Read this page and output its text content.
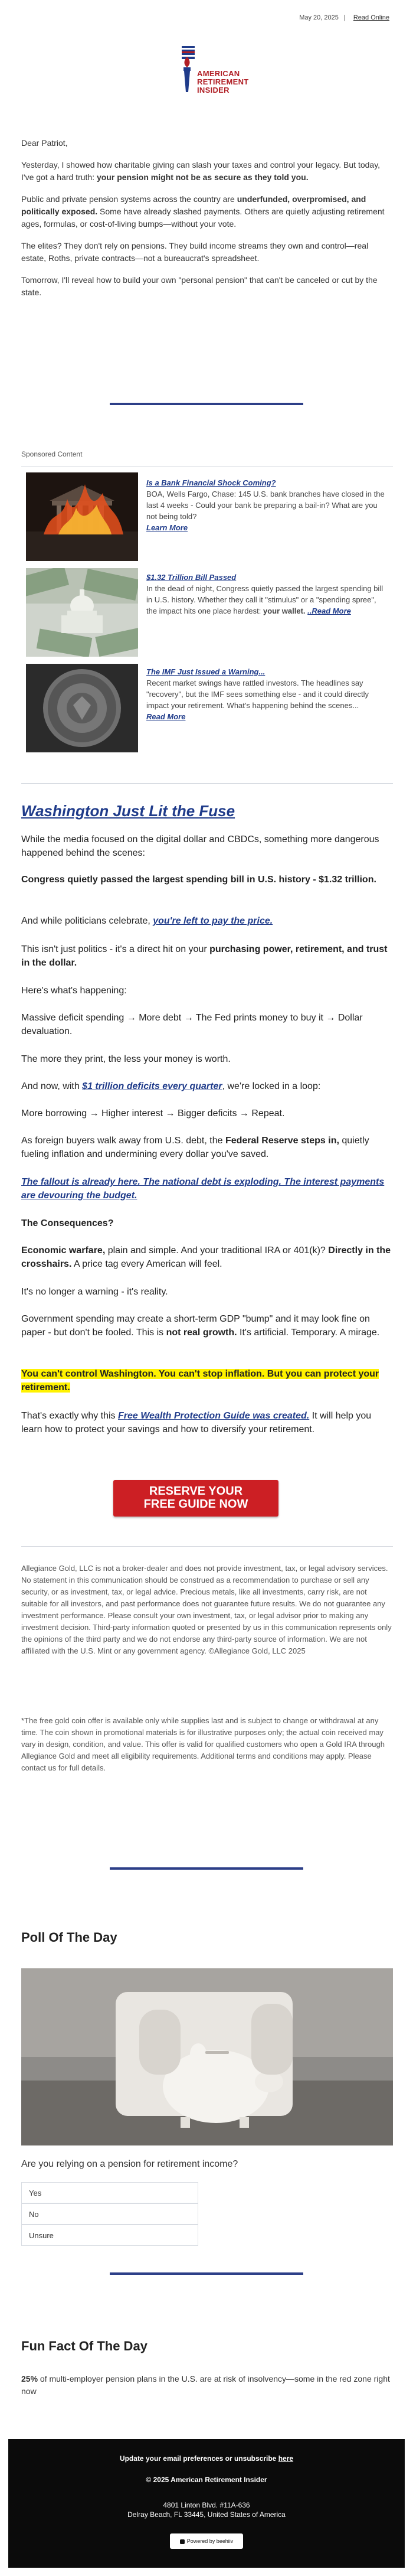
May 20, 2025 | Read Online
AMERICAN
RETIREMENT INSIDER

Dear Patriot,

Yesterday, I showed how charitable giving can slash your taxes and control your legacy. But today, I've got a hard truth: your pension might not be as secure as they told you.

Public and private pension systems across the country are underfunded, overpromised, and politically exposed. Some have already slashed payments. Others are quietly adjusting retirement ages, formulas, or cost-of-living bumps—without your vote.

The elites? They don't rely on pensions. They build income streams they own and control—real estate, Roths, private contracts—not a bureaucrat's spreadsheet.

Tomorrow, I'll reveal how to build your own "personal pension" that can't be canceled or cut by the state.

Sponsored Content
Is a Bank Financial Shock Coming?
BOA, Wells Fargo, Chase: 145 U.S. bank branches have closed in the last 4 weeks - Could your bank be preparing a bail-in? What are you not being told?
Learn More
$1.32 Trillion Bill Passed
In the dead of night, Congress quietly passed the largest spending bill in U.S. history. Whether they call it "stimulus" or a "spending spree", the impact hits one place hardest: your wallet. ..Read More
The IMF Just Issued a Warning...
Recent market swings have rattled investors. The headlines say "recovery", but the IMF sees something else - and it could directly impact your retirement. What's happening behind the scenes...
Read More
Washington Just Lit the Fuse
While the media focused on the digital dollar and CBDCs, something more dangerous happened behind the scenes:
Congress quietly passed the largest spending bill in U.S. history - $1.32 trillion.
And while politicians celebrate, you're left to pay the price.
This isn't just politics - it's a direct hit on your purchasing power, retirement, and trust in the dollar.
Here's what's happening:
Massive deficit spending → More debt → The Fed prints money to buy it → Dollar devaluation.
The more they print, the less your money is worth.
And now, with $1 trillion deficits every quarter, we're locked in a loop:
More borrowing → Higher interest → Bigger deficits → Repeat.
As foreign buyers walk away from U.S. debt, the Federal Reserve steps in, quietly fueling inflation and undermining every dollar you've saved.
The fallout is already here. The national debt is exploding. The interest payments are devouring the budget.
The Consequences?
Economic warfare, plain and simple. And your traditional IRA or 401(k)? Directly in the crosshairs. A price tag every American will feel.
It's no longer a warning - it's reality.
Government spending may create a short-term GDP "bump" and it may look fine on paper - but don't be fooled. This is not real growth. It's artificial. Temporary. A mirage.
You can't control Washington. You can't stop inflation. But you can protect your retirement.
That's exactly why this Free Wealth Protection Guide was created. It will help you learn how to protect your savings and how to diversify your retirement.
RESERVE YOUR
FREE GUIDE NOW
Allegiance Gold, LLC is not a broker-dealer and does not provide investment, tax, or legal advisory services. No statement in this communication should be construed as a recommendation to purchase or sell any security, or as investment, tax, or legal advice. Precious metals, like all investments, carry risk, are not suitable for all investors, and past performance does not guarantee future results. We do not guarantee any investment performance. Please consult your own investment, tax, or legal advisor prior to making any investment decision. Third-party information quoted or presented by us in this communication represents only the opinions of the third party and we do not endorse any third-party source of information. We are not affiliated with the U.S. Mint or any government agency. ©Allegiance Gold, LLC 2025
*The free gold coin offer is available only while supplies last and is subject to change or withdrawal at any time. The coin shown in promotional materials is for illustrative purposes only; the actual coin received may vary in design, condition, and value. This offer is valid for qualified customers who open a Gold IRA through Allegiance Gold and meet all eligibility requirements. Additional terms and conditions may apply. Please contact us for full details.
Poll Of The Day
Are you relying on a pension for retirement income?
Yes
No
Unsure
Fun Fact Of The Day
25% of multi-employer pension plans in the U.S. are at risk of insolvency—some in the red zone right now
Update your email preferences or unsubscribe here
© 2025 American Retirement Insider
4801 Linton Blvd. #11A-636
Delray Beach, FL 33445, United States of America
Powered by beehiiv
